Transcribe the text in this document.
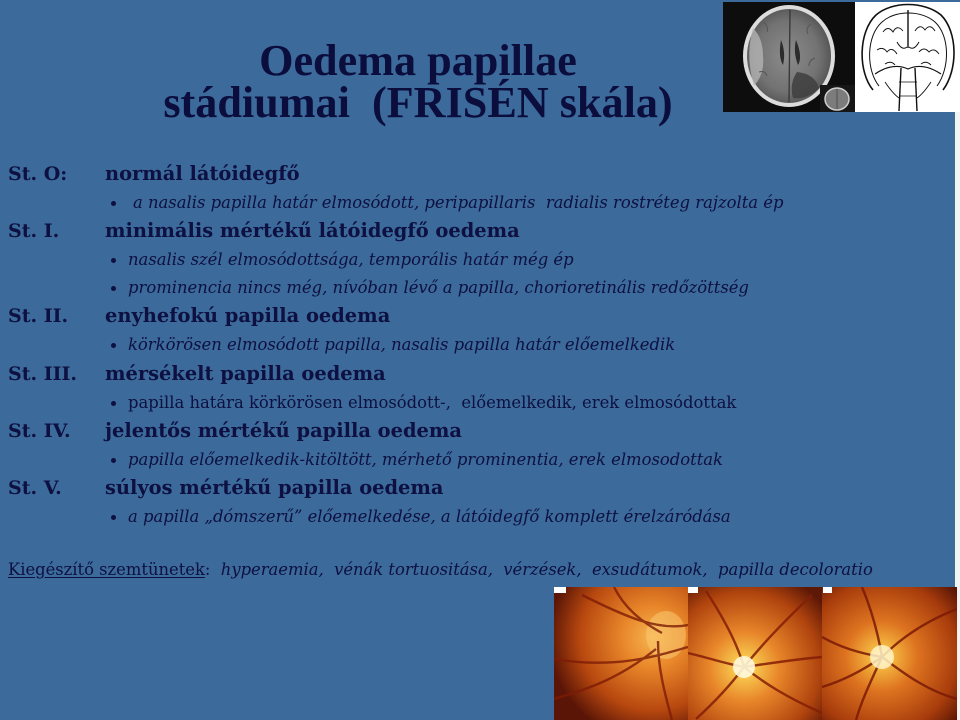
Oedema papillae
stádiumai  (FRISÉN skála)
St. O: normál látóidegfő
a nasalis papilla határ elmosódott, peripapillaris  radialis rostréteg rajzolta ép
St. I. minimális mértékű látóidegfő oedema
nasalis szél elmosódottsága, temporális határ még ép
prominencia nincs még, nívóban lévő a papilla, chorioretinális redőzöttség
St. II. enyhefokú papilla oedema
körkörösen elmosódott papilla, nasalis papilla határ előemelkedik
St. III. mérsékelt papilla oedema
papilla határa körkörösen elmosódott-,  előemelkedik, erek elmosódottak
St. IV. jelentős mértékű papilla oedema
papilla előemelkedik-kitöltött, mérhető prominentia, erek elmosodottak
St. V. súlyos mértékű papilla oedema
a papilla „dómszerű” előemelkedése, a látóidegfő komplett érelzáródása
Kiegészítő szemtünetek:  hyperaemia,  vénák tortuositása,  vérzések,  exsudátumok,  papilla decoloratio
